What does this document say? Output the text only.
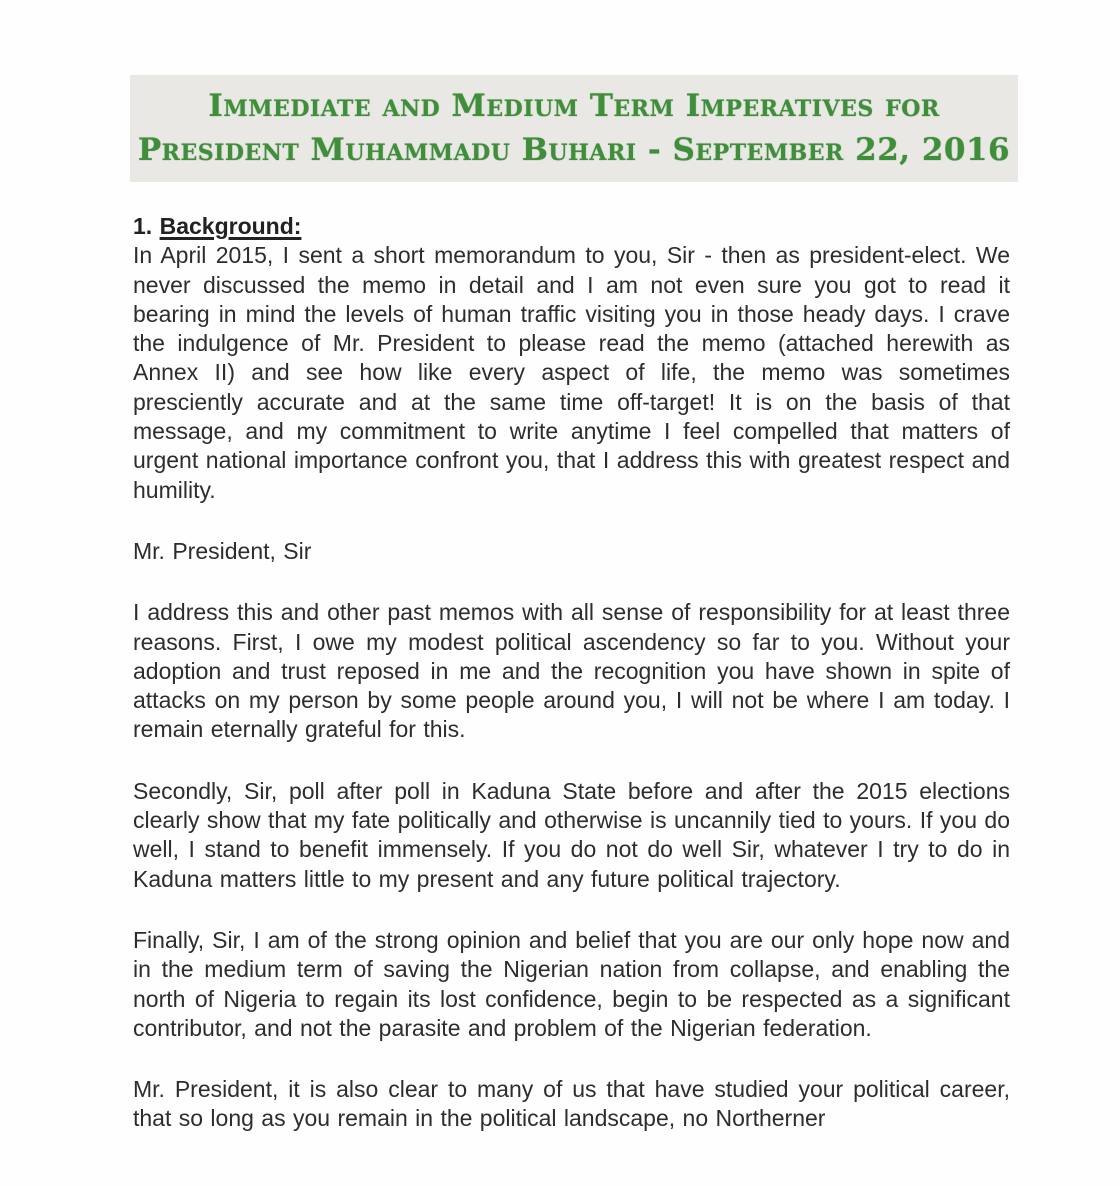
Immediate and Medium Term Imperatives for
President Muhammadu Buhari - September 22, 2016
1. Background:

In April 2015, I sent a short memorandum to you, Sir - then as president-elect. We never discussed the memo in detail and I am not even sure you got to read it bearing in mind the levels of human traffic visiting you in those heady days. I crave the indulgence of Mr. President to please read the memo (attached herewith as Annex II) and see how like every aspect of life, the memo was sometimes presciently accurate and at the same time off-target! It is on the basis of that message, and my commitment to write anytime I feel compelled that matters of urgent national importance confront you, that I address this with greatest respect and humility.

Mr. President, Sir

I address this and other past memos with all sense of responsibility for at least three reasons. First, I owe my modest political ascendency so far to you. Without your adoption and trust reposed in me and the recognition you have shown in spite of attacks on my person by some people around you, I will not be where I am today. I remain eternally grateful for this.

Secondly, Sir, poll after poll in Kaduna State before and after the 2015 elections clearly show that my fate politically and otherwise is uncannily tied to yours. If you do well, I stand to benefit immensely. If you do not do well Sir, whatever I try to do in Kaduna matters little to my present and any future political trajectory.

Finally, Sir, I am of the strong opinion and belief that you are our only hope now and in the medium term of saving the Nigerian nation from collapse, and enabling the north of Nigeria to regain its lost confidence, begin to be respected as a significant contributor, and not the parasite and problem of the Nigerian federation.

Mr. President, it is also clear to many of us that have studied your political career, that so long as you remain in the political landscape, no Northerner
